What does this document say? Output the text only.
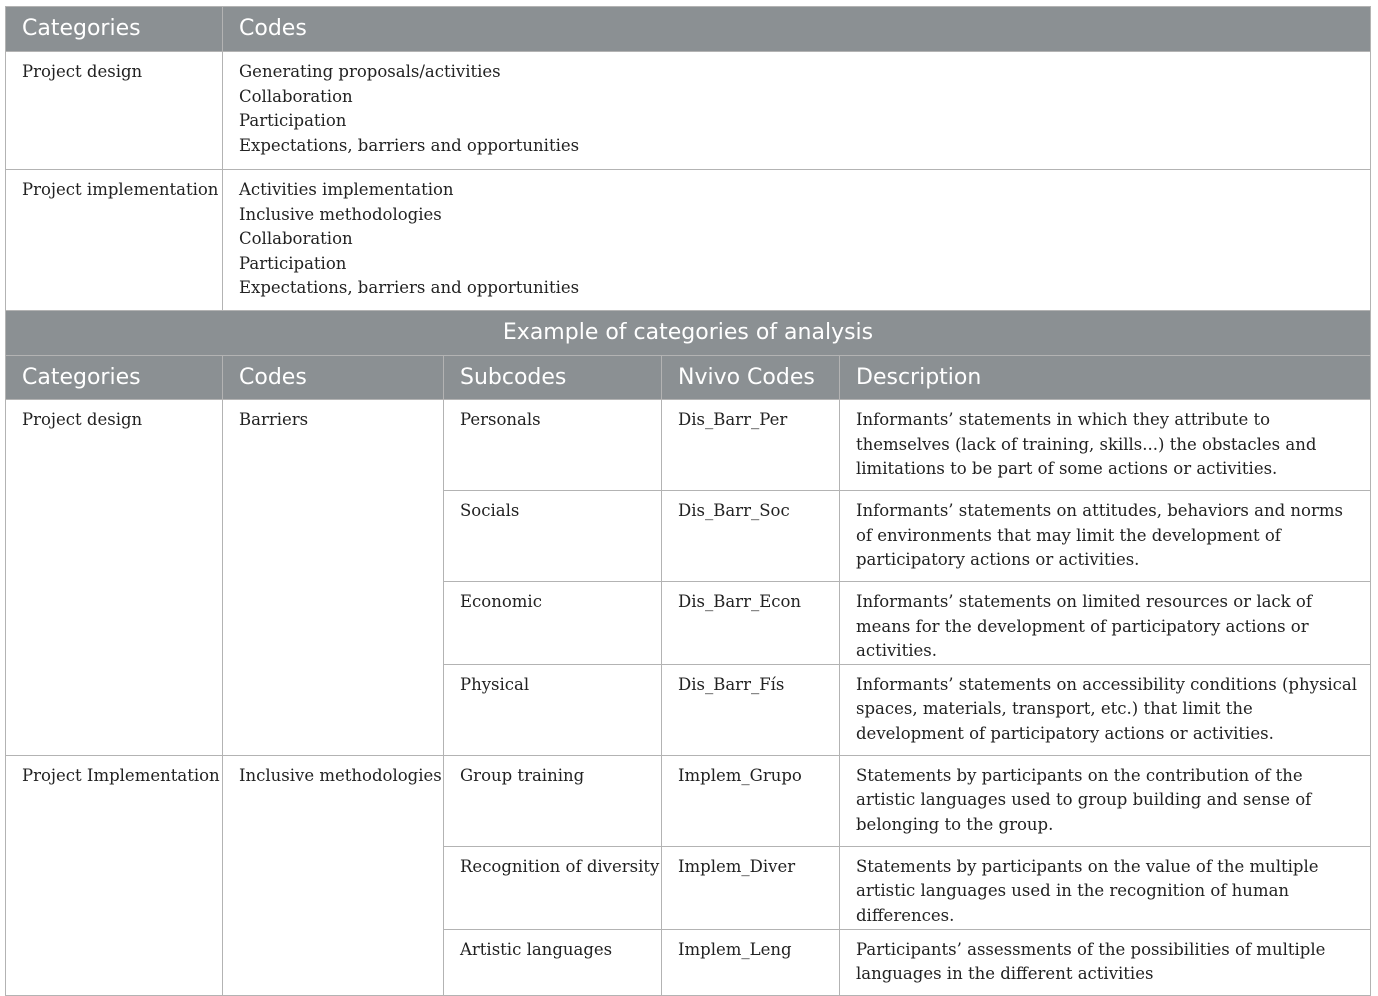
Categories	Codes			
Project design	Generating proposals/activities
Collaboration
Participation
Expectations, barriers and opportunities			

Project implementation	Activities implementation
Inclusive methodologies
Collaboration
Participation
Expectations, barriers and opportunities			

Example of categories of analysis				
Categories	Codes	Subcodes	Nvivo Codes	Description
Project design	Barriers	Personals	Dis_Barr_Per	Informants’ statements in which they attribute to themselves (lack of training, skills...) the obstacles and limitations to be part of some actions or activities.
		Socials	Dis_Barr_Soc	Informants’ statements on attitudes, behaviors and norms of environments that may limit the development of participatory actions or activities.
		Economic	Dis_Barr_Econ	Informants’ statements on limited resources or lack of means for the development of participatory actions or activities.
		Physical	Dis_Barr_Fís	Informants’ statements on accessibility conditions (physical spaces, materials, transport, etc.) that limit the development of participatory actions or activities.
Project Implementation	Inclusive methodologies	Group training	Implem_Grupo	Statements by participants on the contribution of the artistic languages used to group building and sense of belonging to the group.
		Recognition of diversity	Implem_Diver	Statements by participants on the value of the multiple artistic languages used in the recognition of human differences.
		Artistic languages	Implem_Leng	Participants’ assessments of the possibilities of multiple languages in the different activities
